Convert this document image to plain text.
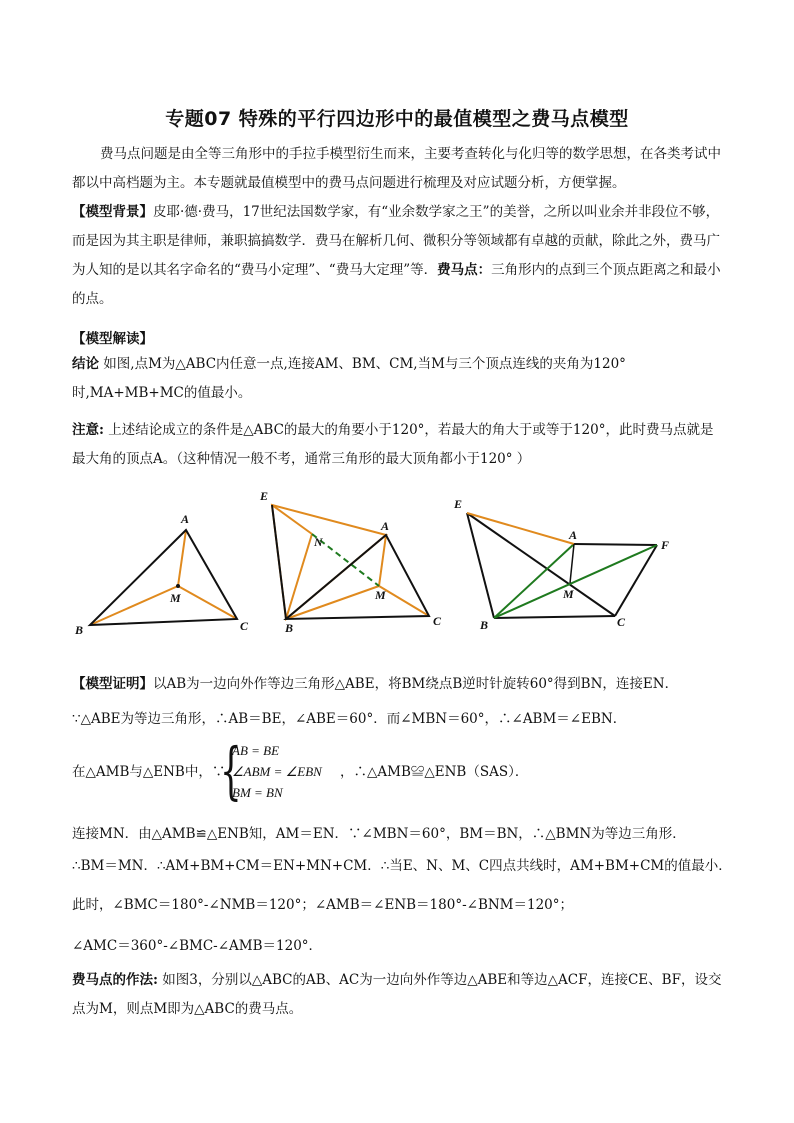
专题07 特殊的平行四边形中的最值模型之费马点模型
费马点问题是由全等三角形中的手拉手模型衍生而来，主要考查转化与化归等的数学思想，在各类考试中都以中高档题为主。本专题就最值模型中的费马点问题进行梳理及对应试题分析，方便掌握。
【模型背景】皮耶·德·费马，17世纪法国数学家，有“业余数学家之王”的美誉，之所以叫业余并非段位不够，而是因为其主职是律师，兼职搞搞数学．费马在解析几何、微积分等领域都有卓越的贡献，除此之外，费马广为人知的是以其名字命名的“费马小定理”、“费马大定理”等．费马点：三角形内的点到三个顶点距离之和最小的点。
【模型解读】
结论 如图,点M为△ABC内任意一点,连接AM、BM、CM,当M与三个顶点连线的夹角为120°时,MA+MB+MC的值最小。
注意: 上述结论成立的条件是△ABC的最大的角要小于120°，若最大的角大于或等于120°，此时费马点就是最大角的顶点A。（这种情况一般不考，通常三角形的最大顶角都小于120° ）
A
B	C
M
E
N
A
M
B	C
E
A
F
M
B	C
【模型证明】以AB为一边向外作等边三角形△ABE，将BM绕点B逆时针旋转60°得到BN，连接EN．
∵△ABE为等边三角形，∴AB＝BE，∠ABE＝60°．而∠MBN＝60°，∴∠ABM＝∠EBN．
在△AMB与△ENB中，∵
{
AB = BE
∠ABM = ∠EBN
BM = BN
，∴△AMB≌△ENB（SAS）．
连接MN．由△AMB≌△ENB知，AM＝EN．∵∠MBN＝60°，BM＝BN，∴△BMN为等边三角形．
∴BM＝MN．∴AM+BM+CM＝EN+MN+CM．∴当E、N、M、C四点共线时，AM+BM+CM的值最小．
此时，∠BMC＝180°-∠NMB＝120°；∠AMB＝∠ENB＝180°-∠BNM＝120°；
∠AMC＝360°-∠BMC-∠AMB＝120°．
费马点的作法: 如图3，分别以△ABC的AB、AC为一边向外作等边△ABE和等边△ACF，连接CE、BF，设交点为M，则点M即为△ABC的费马点。
